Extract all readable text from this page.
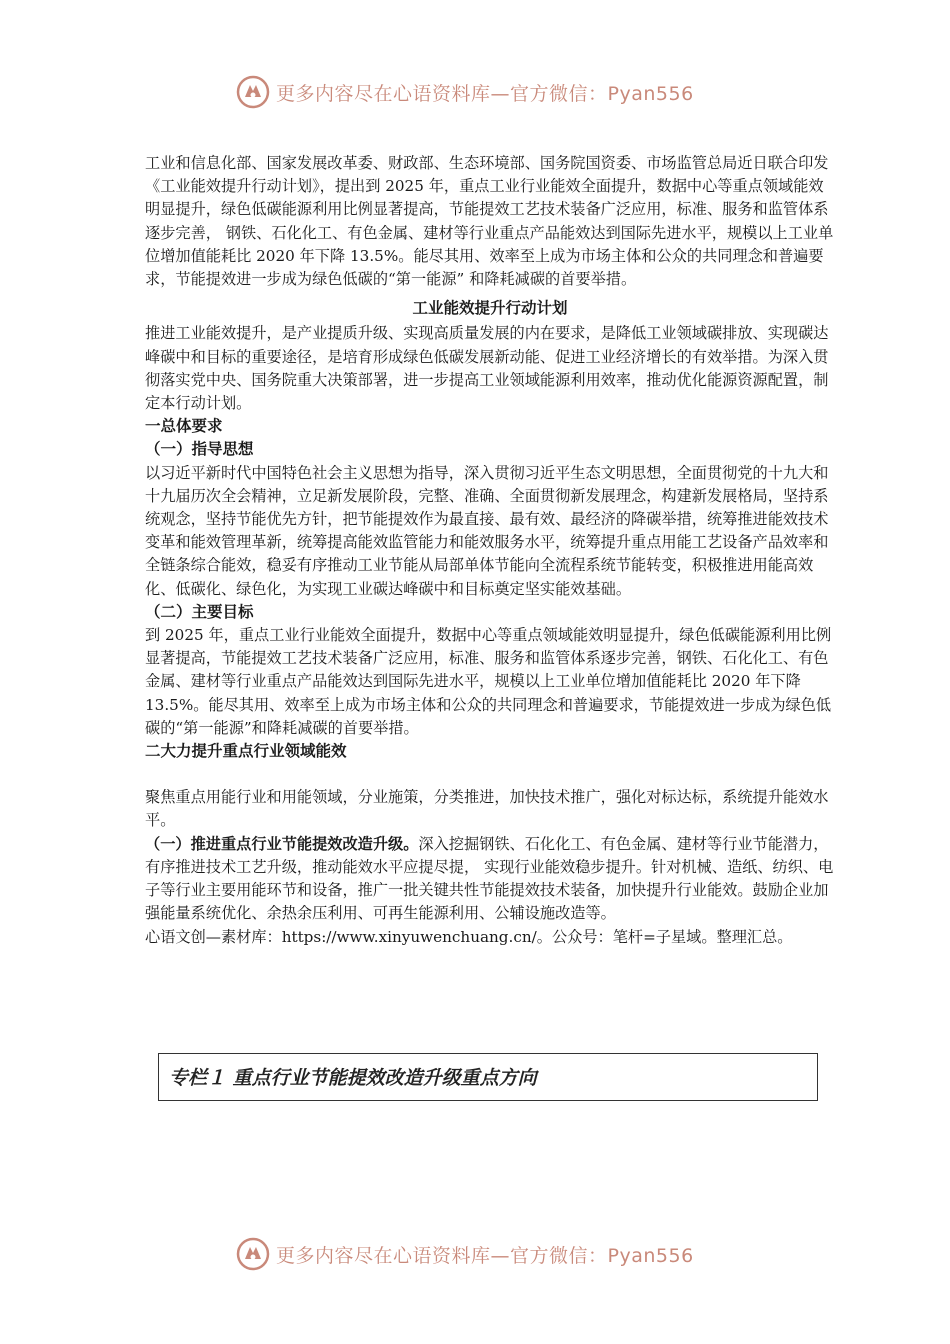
更多内容尽在心语资料库—官方微信：Pyan556

工业和信息化部、国家发展改革委、财政部、生态环境部、国务院国资委、市场监管总局近日联合印发《工业能效提升行动计划》，提出到 2025 年，重点工业行业能效全面提升，数据中心等重点领域能效明显提升，绿色低碳能源利用比例显著提高，节能提效工艺技术装备广泛应用，标准、服务和监管体系逐步完善， 钢铁、石化化工、有色金属、建材等行业重点产品能效达到国际先进水平，规模以上工业单位增加值能耗比 2020 年下降 13.5%。能尽其用、效率至上成为市场主体和公众的共同理念和普遍要求，节能提效进一步成为绿色低碳的“第一能源” 和降耗减碳的首要举措。

工业能效提升行动计划

推进工业能效提升，是产业提质升级、实现高质量发展的内在要求，是降低工业领域碳排放、实现碳达峰碳中和目标的重要途径，是培育形成绿色低碳发展新动能、促进工业经济增长的有效举措。为深入贯彻落实党中央、国务院重大决策部署，进一步提高工业领域能源利用效率，推动优化能源资源配置，制定本行动计划。

一总体要求

（一）指导思想

以习近平新时代中国特色社会主义思想为指导，深入贯彻习近平生态文明思想，全面贯彻党的十九大和十九届历次全会精神，立足新发展阶段，完整、准确、全面贯彻新发展理念，构建新发展格局，坚持系统观念，坚持节能优先方针，把节能提效作为最直接、最有效、最经济的降碳举措，统筹推进能效技术变革和能效管理革新，统筹提高能效监管能力和能效服务水平，统筹提升重点用能工艺设备产品效率和全链条综合能效，稳妥有序推动工业节能从局部单体节能向全流程系统节能转变，积极推进用能高效化、低碳化、绿色化，为实现工业碳达峰碳中和目标奠定坚实能效基础。

（二）主要目标

到 2025 年，重点工业行业能效全面提升，数据中心等重点领域能效明显提升，绿色低碳能源利用比例显著提高，节能提效工艺技术装备广泛应用，标准、服务和监管体系逐步完善，钢铁、石化化工、有色金属、建材等行业重点产品能效达到国际先进水平，规模以上工业单位增加值能耗比 2020 年下降 13.5%。能尽其用、效率至上成为市场主体和公众的共同理念和普遍要求，节能提效进一步成为绿色低碳的“第一能源”和降耗减碳的首要举措。

二大力提升重点行业领域能效

聚焦重点用能行业和用能领域，分业施策，分类推进，加快技术推广，强化对标达标，系统提升能效水平。

（一）推进重点行业节能提效改造升级。深入挖掘钢铁、石化化工、有色金属、建材等行业节能潜力，有序推进技术工艺升级，推动能效水平应提尽提， 实现行业能效稳步提升。针对机械、造纸、纺织、电子等行业主要用能环节和设备，推广一批关键共性节能提效技术装备，加快提升行业能效。鼓励企业加强能量系统优化、余热余压利用、可再生能源利用、公辅设施改造等。

心语文创—素材库：https://www.xinyuwenchuang.cn/。公众号：笔杆=子星域。整理汇总。

专栏１ 重点行业节能提效改造升级重点方向
更多内容尽在心语资料库—官方微信：Pyan556
